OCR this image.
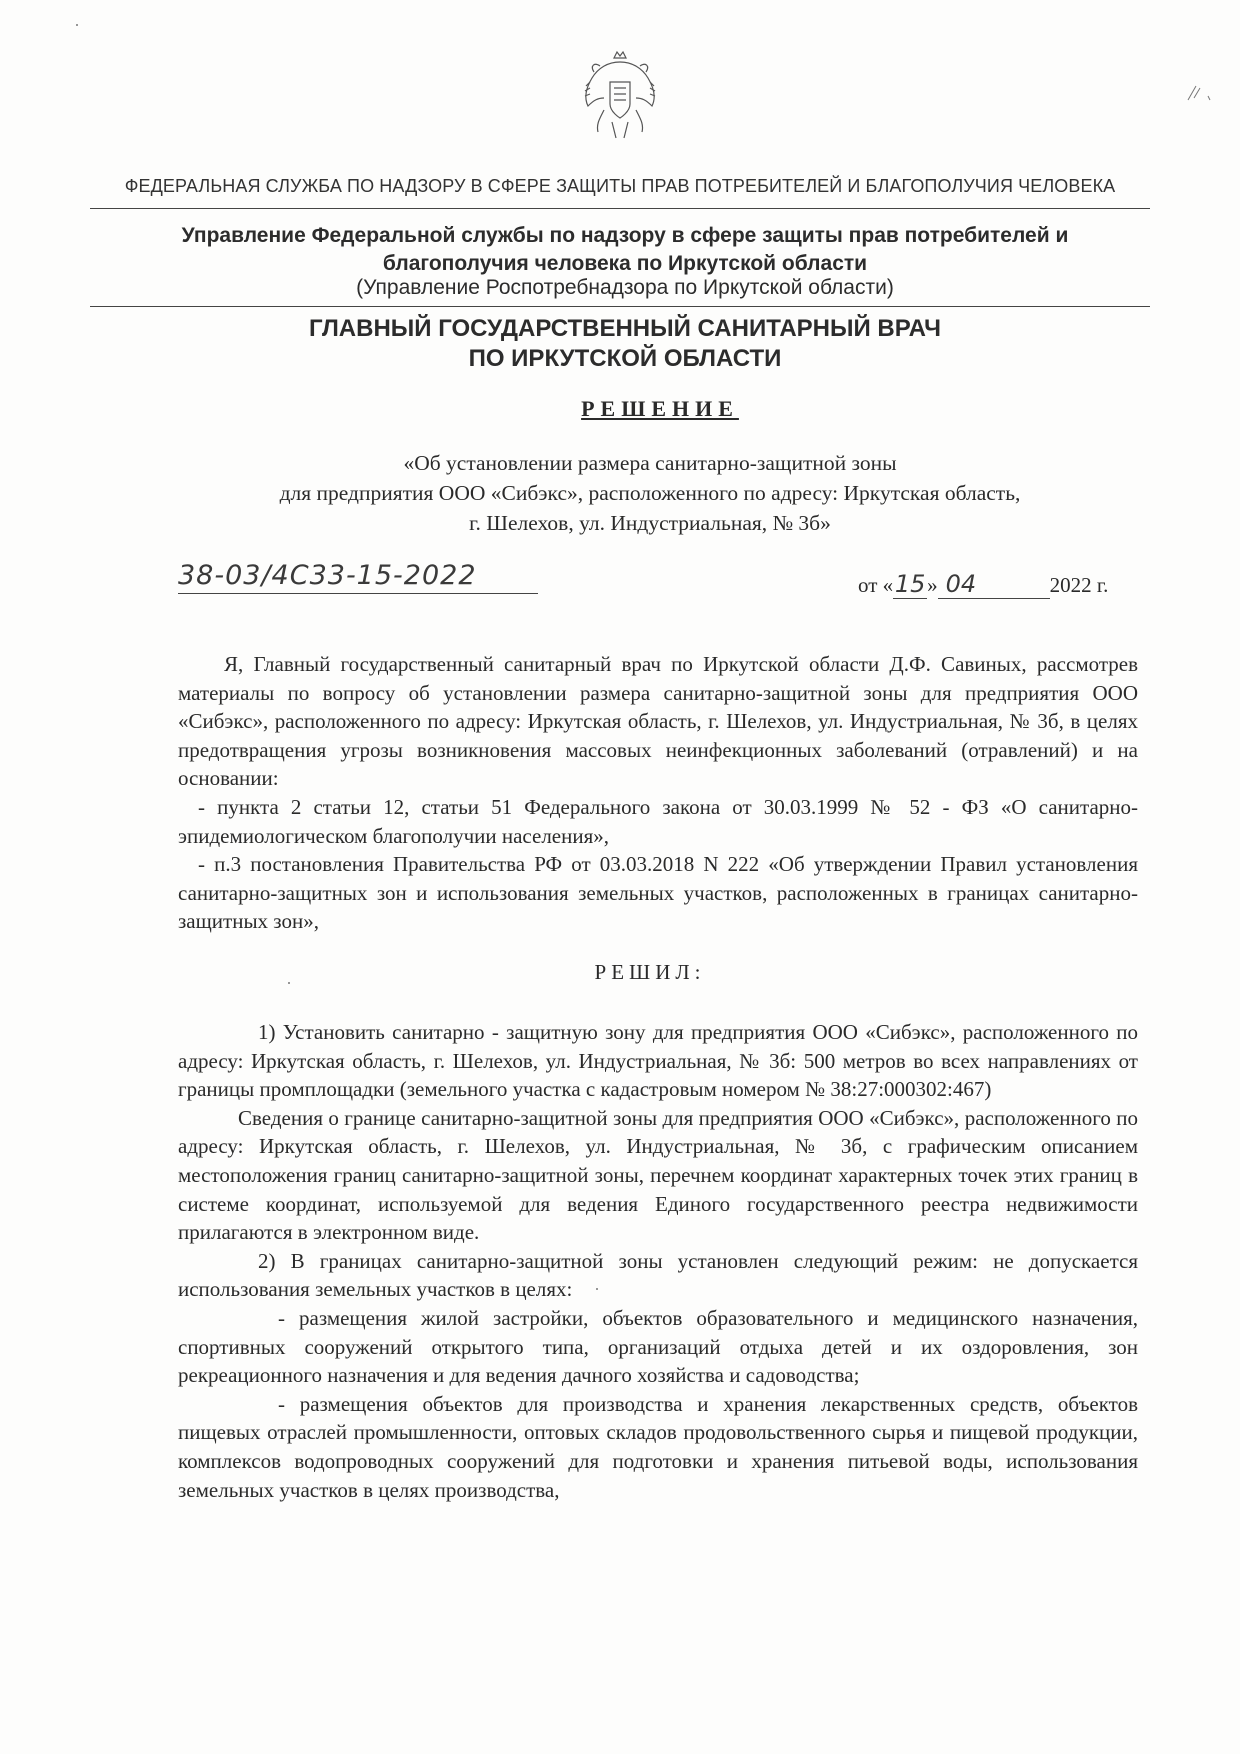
ФЕДЕРАЛЬНАЯ СЛУЖБА ПО НАДЗОРУ В СФЕРЕ ЗАЩИТЫ ПРАВ ПОТРЕБИТЕЛЕЙ И БЛАГОПОЛУЧИЯ ЧЕЛОВЕКА
Управление Федеральной службы по надзору в сфере защиты прав потребителей и
благополучия человека по Иркутской области
(Управление Роспотребнадзора по Иркутской области)
ГЛАВНЫЙ ГОСУДАРСТВЕННЫЙ САНИТАРНЫЙ ВРАЧ
ПО ИРКУТСКОЙ ОБЛАСТИ
РЕШЕНИЕ
«Об установлении размера санитарно-защитной зоны
для предприятия ООО «Сибэкс», расположенного по адресу: Иркутская область,
г. Шелехов, ул. Индустриальная, № 3б»
38-03/4С33-15-2022	от «15» 04	2022 г.

Я, Главный государственный санитарный врач по Иркутской области Д.Ф. Савиных, рассмотрев материалы по вопросу об установлении размера санитарно-защитной зоны для предприятия ООО «Сибэкс», расположенного по адресу: Иркутская область, г. Шелехов, ул. Индустриальная, № 3б, в целях предотвращения угрозы возникновения массовых неинфекционных заболеваний (отравлений) и на основании:

- пункта 2 статьи 12, статьи 51 Федерального закона от 30.03.1999 № 52 - ФЗ «О санитарно-эпидемиологическом благополучии населения»,

- п.3 постановления Правительства РФ от 03.03.2018 N 222 «Об утверждении Правил установления санитарно-защитных зон и использования земельных участков, расположенных в границах санитарно-защитных зон»,

РЕШИЛ:

1) Установить санитарно - защитную зону для предприятия ООО «Сибэкс», расположенного по адресу: Иркутская область, г. Шелехов, ул. Индустриальная, № 3б: 500 метров во всех направлениях от границы промплощадки (земельного участка с кадастровым номером № 38:27:000302:467)

Сведения о границе санитарно-защитной зоны для предприятия ООО «Сибэкс», расположенного по адресу: Иркутская область, г. Шелехов, ул. Индустриальная, № 3б, с графическим описанием местоположения границ санитарно-защитной зоны, перечнем координат характерных точек этих границ в системе координат, используемой для ведения Единого государственного реестра недвижимости прилагаются в электронном виде.

2) В границах санитарно-защитной зоны установлен следующий режим: не допускается использования земельных участков в целях:

- размещения жилой застройки, объектов образовательного и медицинского назначения, спортивных сооружений открытого типа, организаций отдыха детей и их оздоровления, зон рекреационного назначения и для ведения дачного хозяйства и садоводства;

- размещения объектов для производства и хранения лекарственных средств, объектов пищевых отраслей промышленности, оптовых складов продовольственного сырья и пищевой продукции, комплексов водопроводных сооружений для подготовки и хранения питьевой воды, использования земельных участков в целях производства,
